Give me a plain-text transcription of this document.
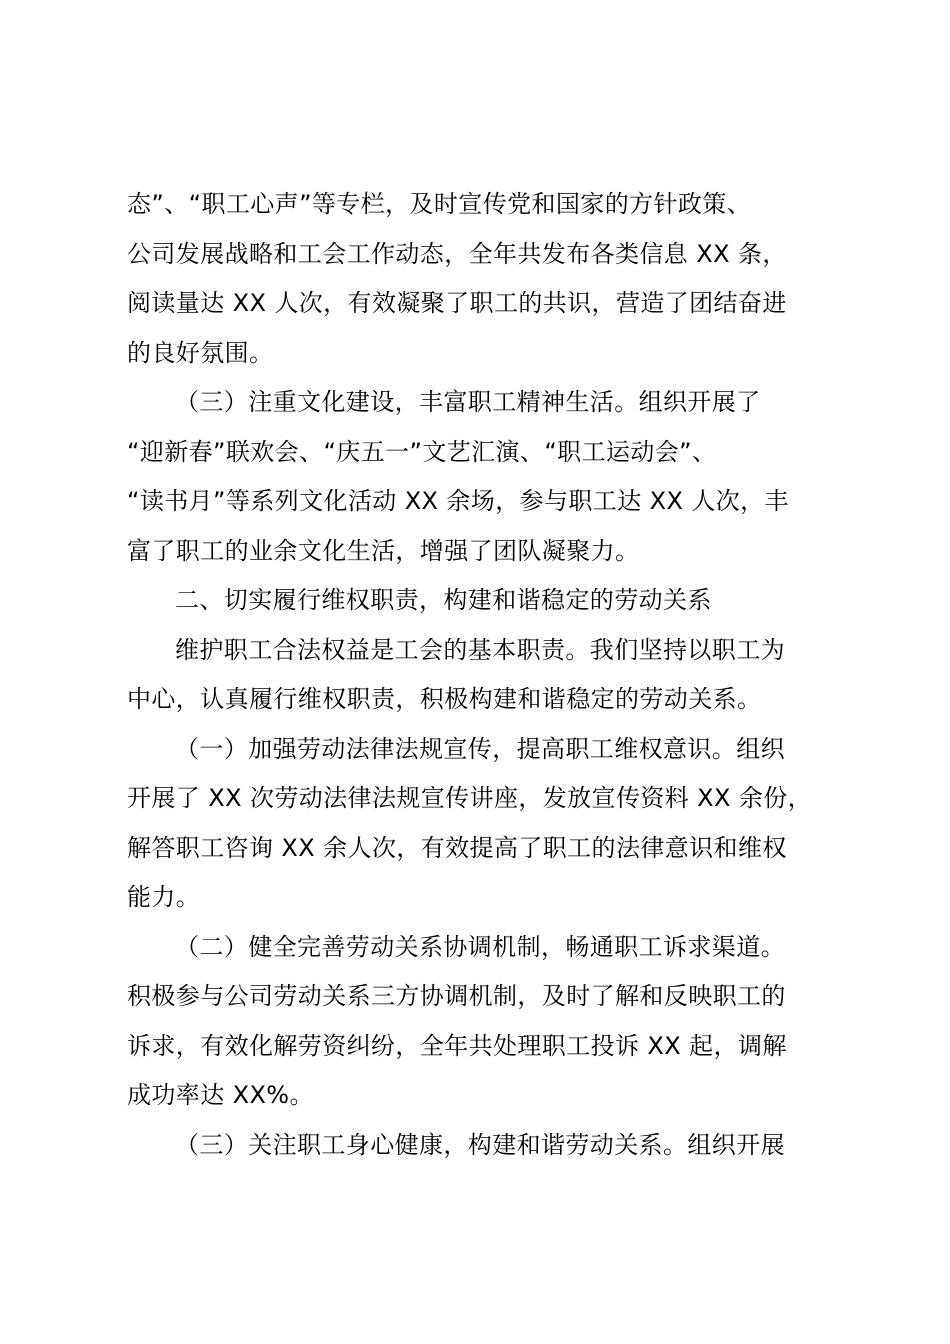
态”、“职工心声”等专栏，及时宣传党和国家的方针政策、
公司发展战略和工会工作动态，全年共发布各类信息 XX 条，
阅读量达 XX 人次，有效凝聚了职工的共识，营造了团结奋进
的良好氛围。
（三）注重文化建设，丰富职工精神生活。组织开展了
“迎新春”联欢会、“庆五一”文艺汇演、“职工运动会”、
“读书月”等系列文化活动 XX 余场，参与职工达 XX 人次，丰
富了职工的业余文化生活，增强了团队凝聚力。
二、切实履行维权职责，构建和谐稳定的劳动关系
维护职工合法权益是工会的基本职责。我们坚持以职工为
中心，认真履行维权职责，积极构建和谐稳定的劳动关系。
（一）加强劳动法律法规宣传，提高职工维权意识。组织
开展了 XX 次劳动法律法规宣传讲座，发放宣传资料 XX 余份，
解答职工咨询 XX 余人次，有效提高了职工的法律意识和维权
能力。
（二）健全完善劳动关系协调机制，畅通职工诉求渠道。
积极参与公司劳动关系三方协调机制，及时了解和反映职工的
诉求，有效化解劳资纠纷，全年共处理职工投诉 XX 起，调解
成功率达 XX%。
（三）关注职工身心健康，构建和谐劳动关系。组织开展
